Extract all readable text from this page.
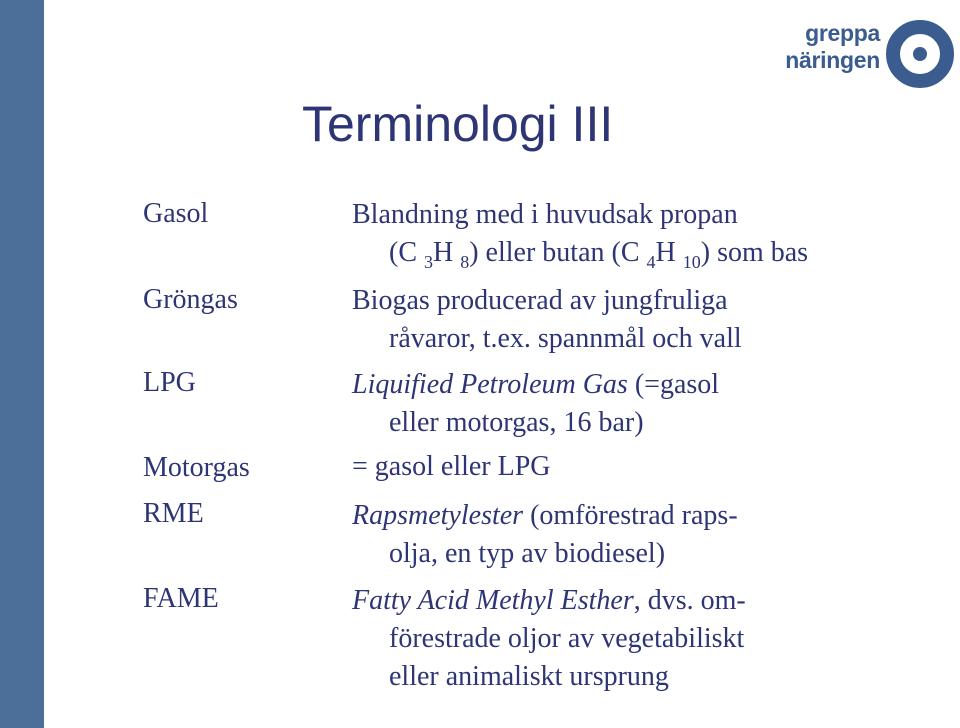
greppa
näringen
Terminologi III
Gasol
Gröngas
LPG
Motorgas
RME
FAME
Blandning med i huvudsak propan
(C $_3$H $_8$) eller butan (C $_4$H $_{10}$) som bas
Biogas producerad av jungfruliga
råvaror, t.ex. spannmål och vall
Liquified Petroleum Gas (=gasol
eller motorgas, 16 bar)
= gasol eller LPG
Rapsmetylester (omförestrad raps-
olja, en typ av biodiesel)
Fatty Acid Methyl Esther, dvs. om-
förestrade oljor av vegetabiliskt
eller animaliskt ursprung
